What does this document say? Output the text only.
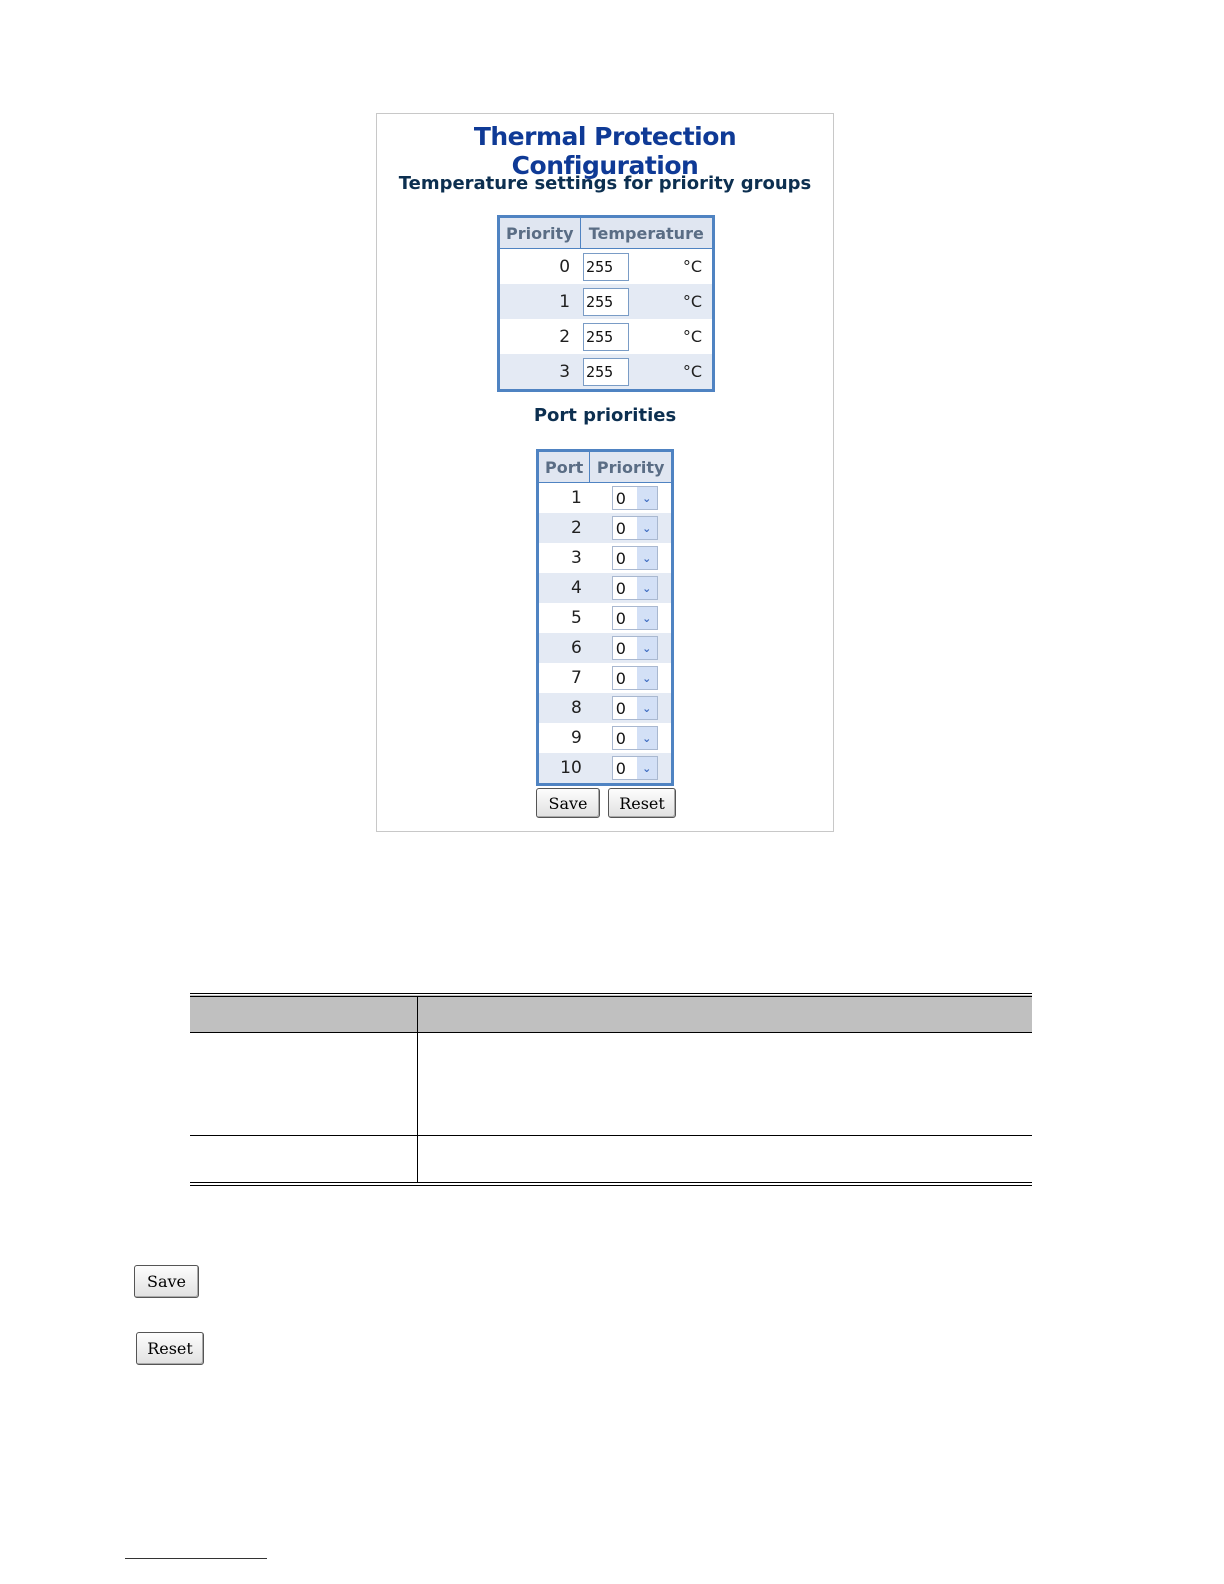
Thermal Protection Configuration
Temperature settings for priority groups
Priority	Temperature	
0	255	°C
1	255	°C
2	255	°C
3	255	°C
Port priorities
Port	Priority
1	0 ⌄

2	0 ⌄

3	0 ⌄

4	0 ⌄

5	0 ⌄

6	0 ⌄

7	0 ⌄

8	0 ⌄

9	0 ⌄

10	0 ⌄
Save	Reset

Save
Reset
